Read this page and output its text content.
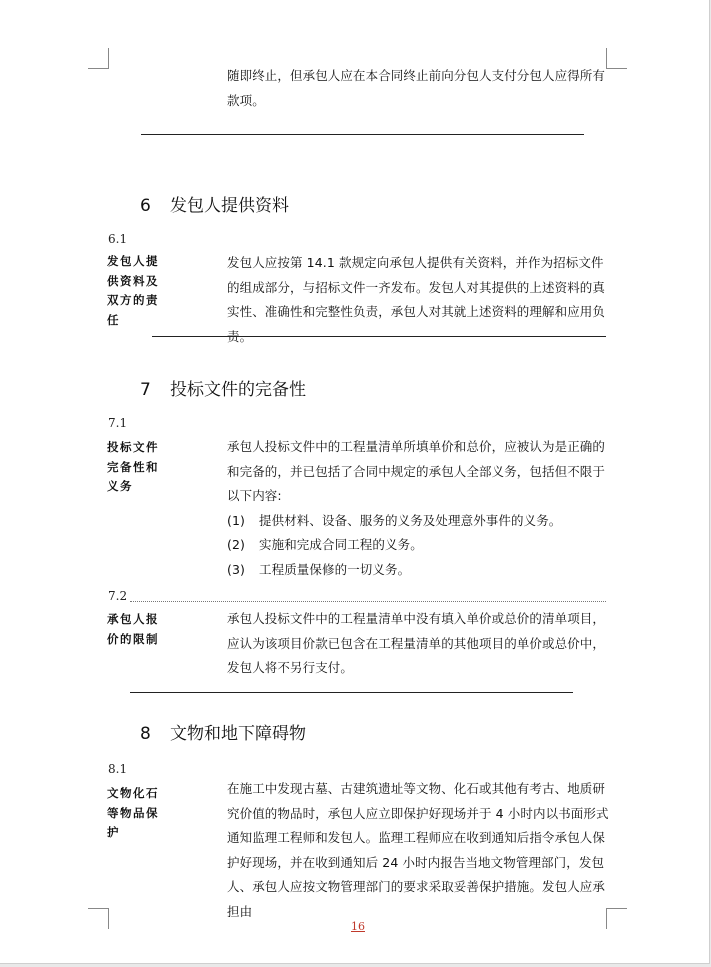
随即终止，但承包人应在本合同终止前向分包人支付分包人应得所有款项。
6 发包人提供资料
6.1
发包人提供资料及双方的责任
发包人应按第 14.1 款规定向承包人提供有关资料，并作为招标文件的组成部分，与招标文件一齐发布。发包人对其提供的上述资料的真实性、准确性和完整性负责，承包人对其就上述资料的理解和应用负责。
7 投标文件的完备性
7.1
投标文件完备性和义务
承包人投标文件中的工程量清单所填单价和总价，应被认为是正确的和完备的，并已包括了合同中规定的承包人全部义务，包括但不限于以下内容:
(1) 提供材料、设备、服务的义务及处理意外事件的义务。
(2) 实施和完成合同工程的义务。
(3) 工程质量保修的一切义务。
7.2
承包人报价的限制
承包人投标文件中的工程量清单中没有填入单价或总价的清单项目，应认为该项目价款已包含在工程量清单的其他项目的单价或总价中，发包人将不另行支付。
8 文物和地下障碍物
8.1
文物化石等物品保护
在施工中发现古墓、古建筑遗址等文物、化石或其他有考古、地质研究价值的物品时，承包人应立即保护好现场并于 4 小时内以书面形式通知监理工程师和发包人。监理工程师应在收到通知后指令承包人保护好现场，并在收到通知后 24 小时内报告当地文物管理部门，发包人、承包人应按文物管理部门的要求采取妥善保护措施。发包人应承担由
16
